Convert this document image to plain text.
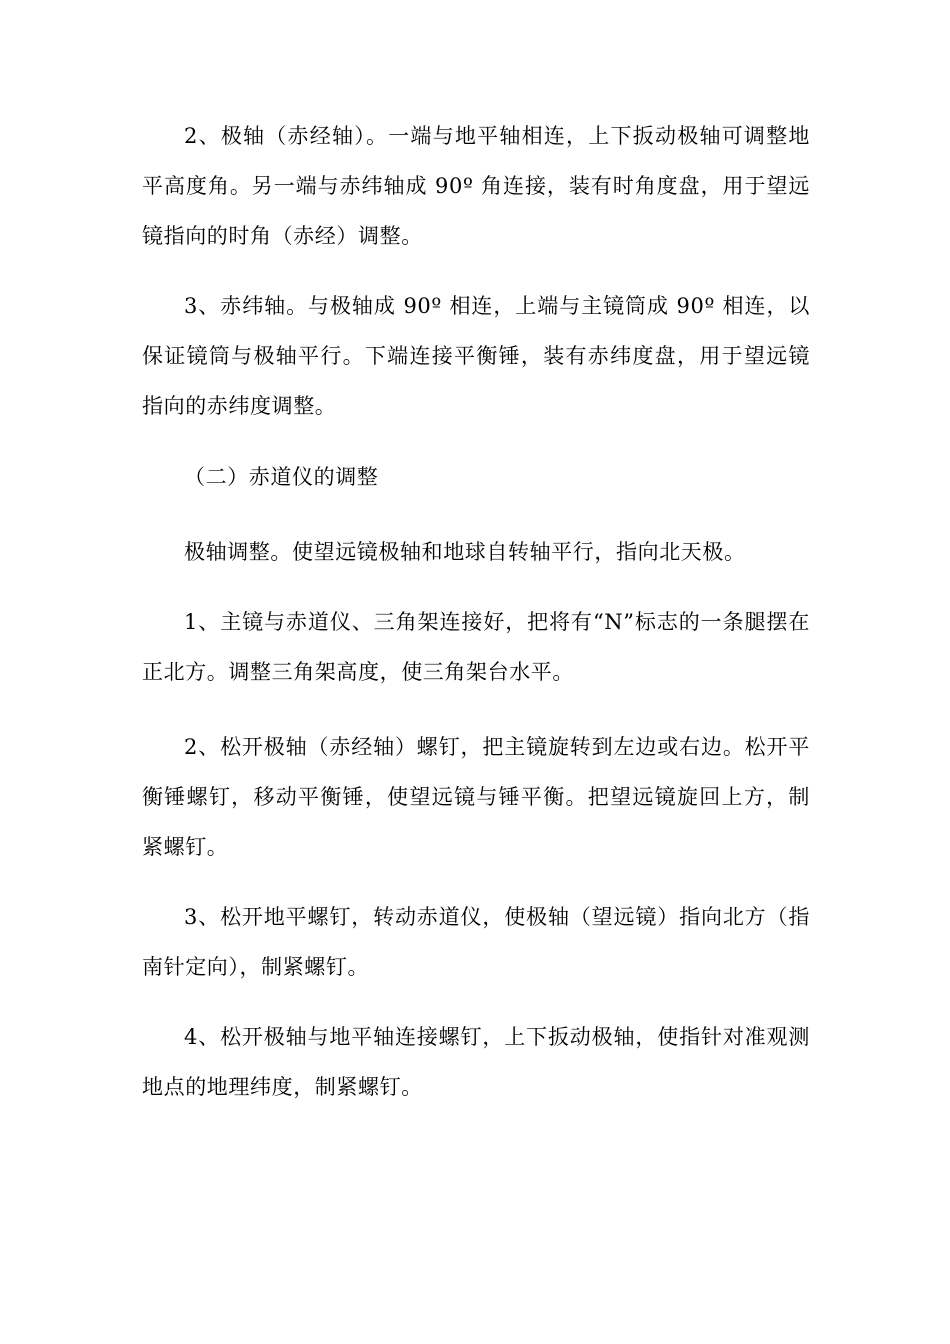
2、极轴（赤经轴）。一端与地平轴相连，上下扳动极轴可调整地平高度角。另一端与赤纬轴成 90º 角连接，装有时角度盘，用于望远镜指向的时角（赤经）调整。

3、赤纬轴。与极轴成 90º 相连，上端与主镜筒成 90º 相连，以保证镜筒与极轴平行。下端连接平衡锤，装有赤纬度盘，用于望远镜指向的赤纬度调整。

（二）赤道仪的调整

极轴调整。使望远镜极轴和地球自转轴平行，指向北天极。

1、主镜与赤道仪、三角架连接好，把将有“N”标志的一条腿摆在正北方。调整三角架高度，使三角架台水平。

2、松开极轴（赤经轴）螺钉，把主镜旋转到左边或右边。松开平衡锤螺钉，移动平衡锤，使望远镜与锤平衡。把望远镜旋回上方，制紧螺钉。

3、松开地平螺钉，转动赤道仪，使极轴（望远镜）指向北方（指南针定向），制紧螺钉。

4、松开极轴与地平轴连接螺钉，上下扳动极轴，使指针对准观测地点的地理纬度，制紧螺钉。
